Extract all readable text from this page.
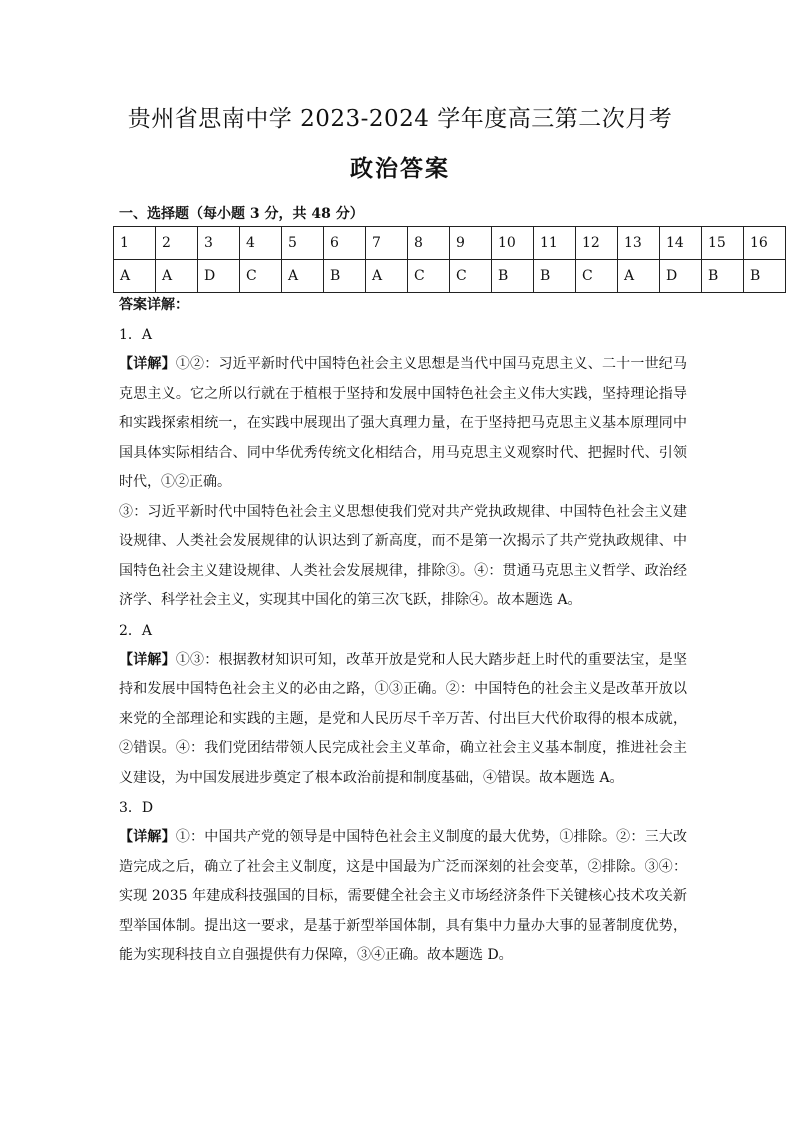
贵州省思南中学 2023-2024 学年度高三第二次月考
政治答案
一、选择题（每小题 3 分，共 48 分）
1	2	3	4	5	6	7	8	9	10	11	12	13	14	15	16
A	A	D	C	A	B	A	C	C	B	B	C	A	D	B	B
答案详解：
1．A

【详解】①②：习近平新时代中国特色社会主义思想是当代中国马克思主义、二十一世纪马克思主义。它之所以行就在于植根于坚持和发展中国特色社会主义伟大实践，坚持理论指导和实践探索相统一，在实践中展现出了强大真理力量，在于坚持把马克思主义基本原理同中国具体实际相结合、同中华优秀传统文化相结合，用马克思主义观察时代、把握时代、引领时代，①②正确。

③：习近平新时代中国特色社会主义思想使我们党对共产党执政规律、中国特色社会主义建设规律、人类社会发展规律的认识达到了新高度，而不是第一次揭示了共产党执政规律、中国特色社会主义建设规律、人类社会发展规律，排除③。④：贯通马克思主义哲学、政治经济学、科学社会主义，实现其中国化的第三次飞跃，排除④。故本题选 A。

2．A

【详解】①③：根据教材知识可知，改革开放是党和人民大踏步赶上时代的重要法宝，是坚持和发展中国特色社会主义的必由之路，①③正确。②：中国特色的社会主义是改革开放以来党的全部理论和实践的主题，是党和人民历尽千辛万苦、付出巨大代价取得的根本成就，②错误。④：我们党团结带领人民完成社会主义革命，确立社会主义基本制度，推进社会主义建设，为中国发展进步奠定了根本政治前提和制度基础，④错误。故本题选 A。

3．D

【详解】①：中国共产党的领导是中国特色社会主义制度的最大优势，①排除。②：三大改造完成之后，确立了社会主义制度，这是中国最为广泛而深刻的社会变革，②排除。③④：实现 2035 年建成科技强国的目标，需要健全社会主义市场经济条件下关键核心技术攻关新型举国体制。提出这一要求，是基于新型举国体制，具有集中力量办大事的显著制度优势，能为实现科技自立自强提供有力保障，③④正确。故本题选 D。
